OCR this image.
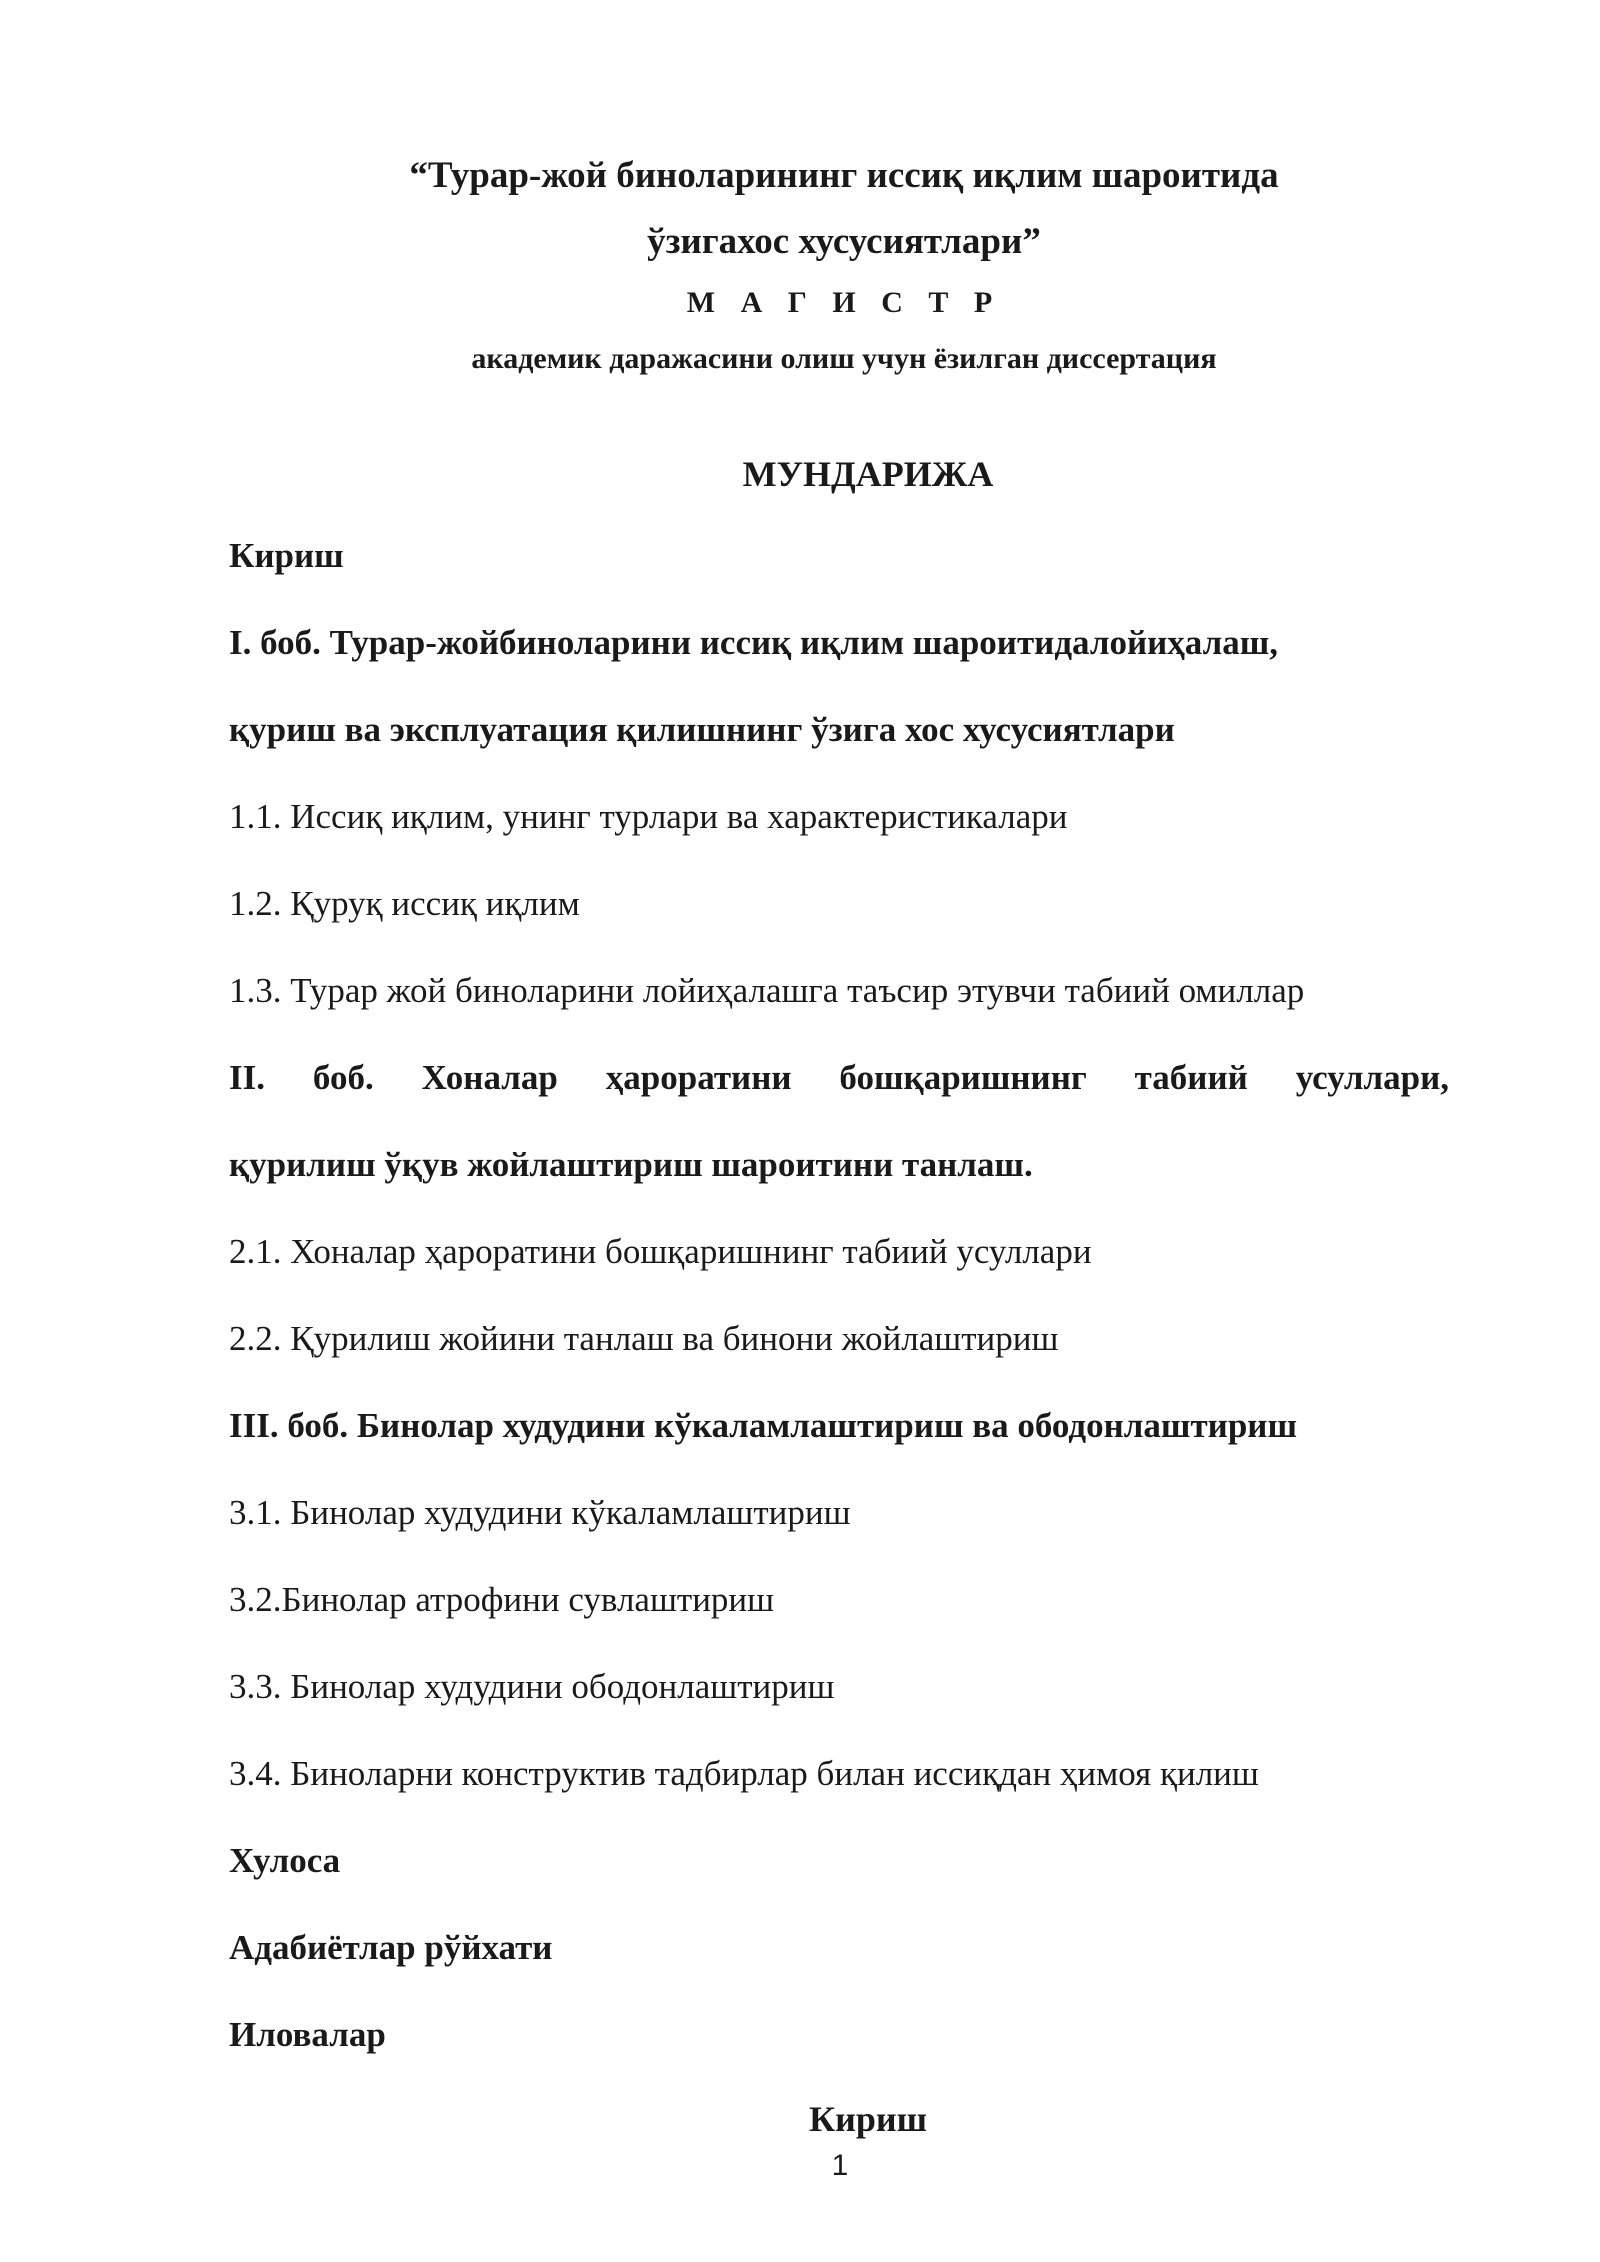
“Турар-жой биноларининг иссиқ иқлим шароитида
ўзигахос хусусиятлари”
М А Г И С Т Р
академик даражасини олиш учун ёзилган диссертация
МУНДАРИЖА
Кириш
I. боб. Турар-жойбиноларини иссиқ иқлим шароитидалойиҳалаш,
қуриш ва эксплуатация қилишнинг ўзига хос хусусиятлари
1.1. Иссиқ иқлим, унинг турлари ва характеристикалари
1.2. Қуруқ иссиқ иқлим
1.3. Турар жой биноларини лойиҳалашга таъсир этувчи табиий омиллар
II. боб. Хоналар ҳароратини бошқаришнинг табиий усуллари,
қурилиш ўқув жойлаштириш шароитини танлаш.
2.1. Хоналар ҳароратини бошқаришнинг табиий усуллари
2.2. Қурилиш жойини танлаш ва бинони жойлаштириш
III. боб. Бинолар худудини кўкаламлаштириш ва ободонлаштириш
3.1. Бинолар худудини кўкаламлаштириш
3.2.Бинолар атрофини сувлаштириш
3.3. Бинолар худудини ободонлаштириш
3.4. Биноларни конструктив тадбирлар билан иссиқдан ҳимоя қилиш
Хулоса
Адабиётлар рўйхати
Иловалар
Кириш
1
